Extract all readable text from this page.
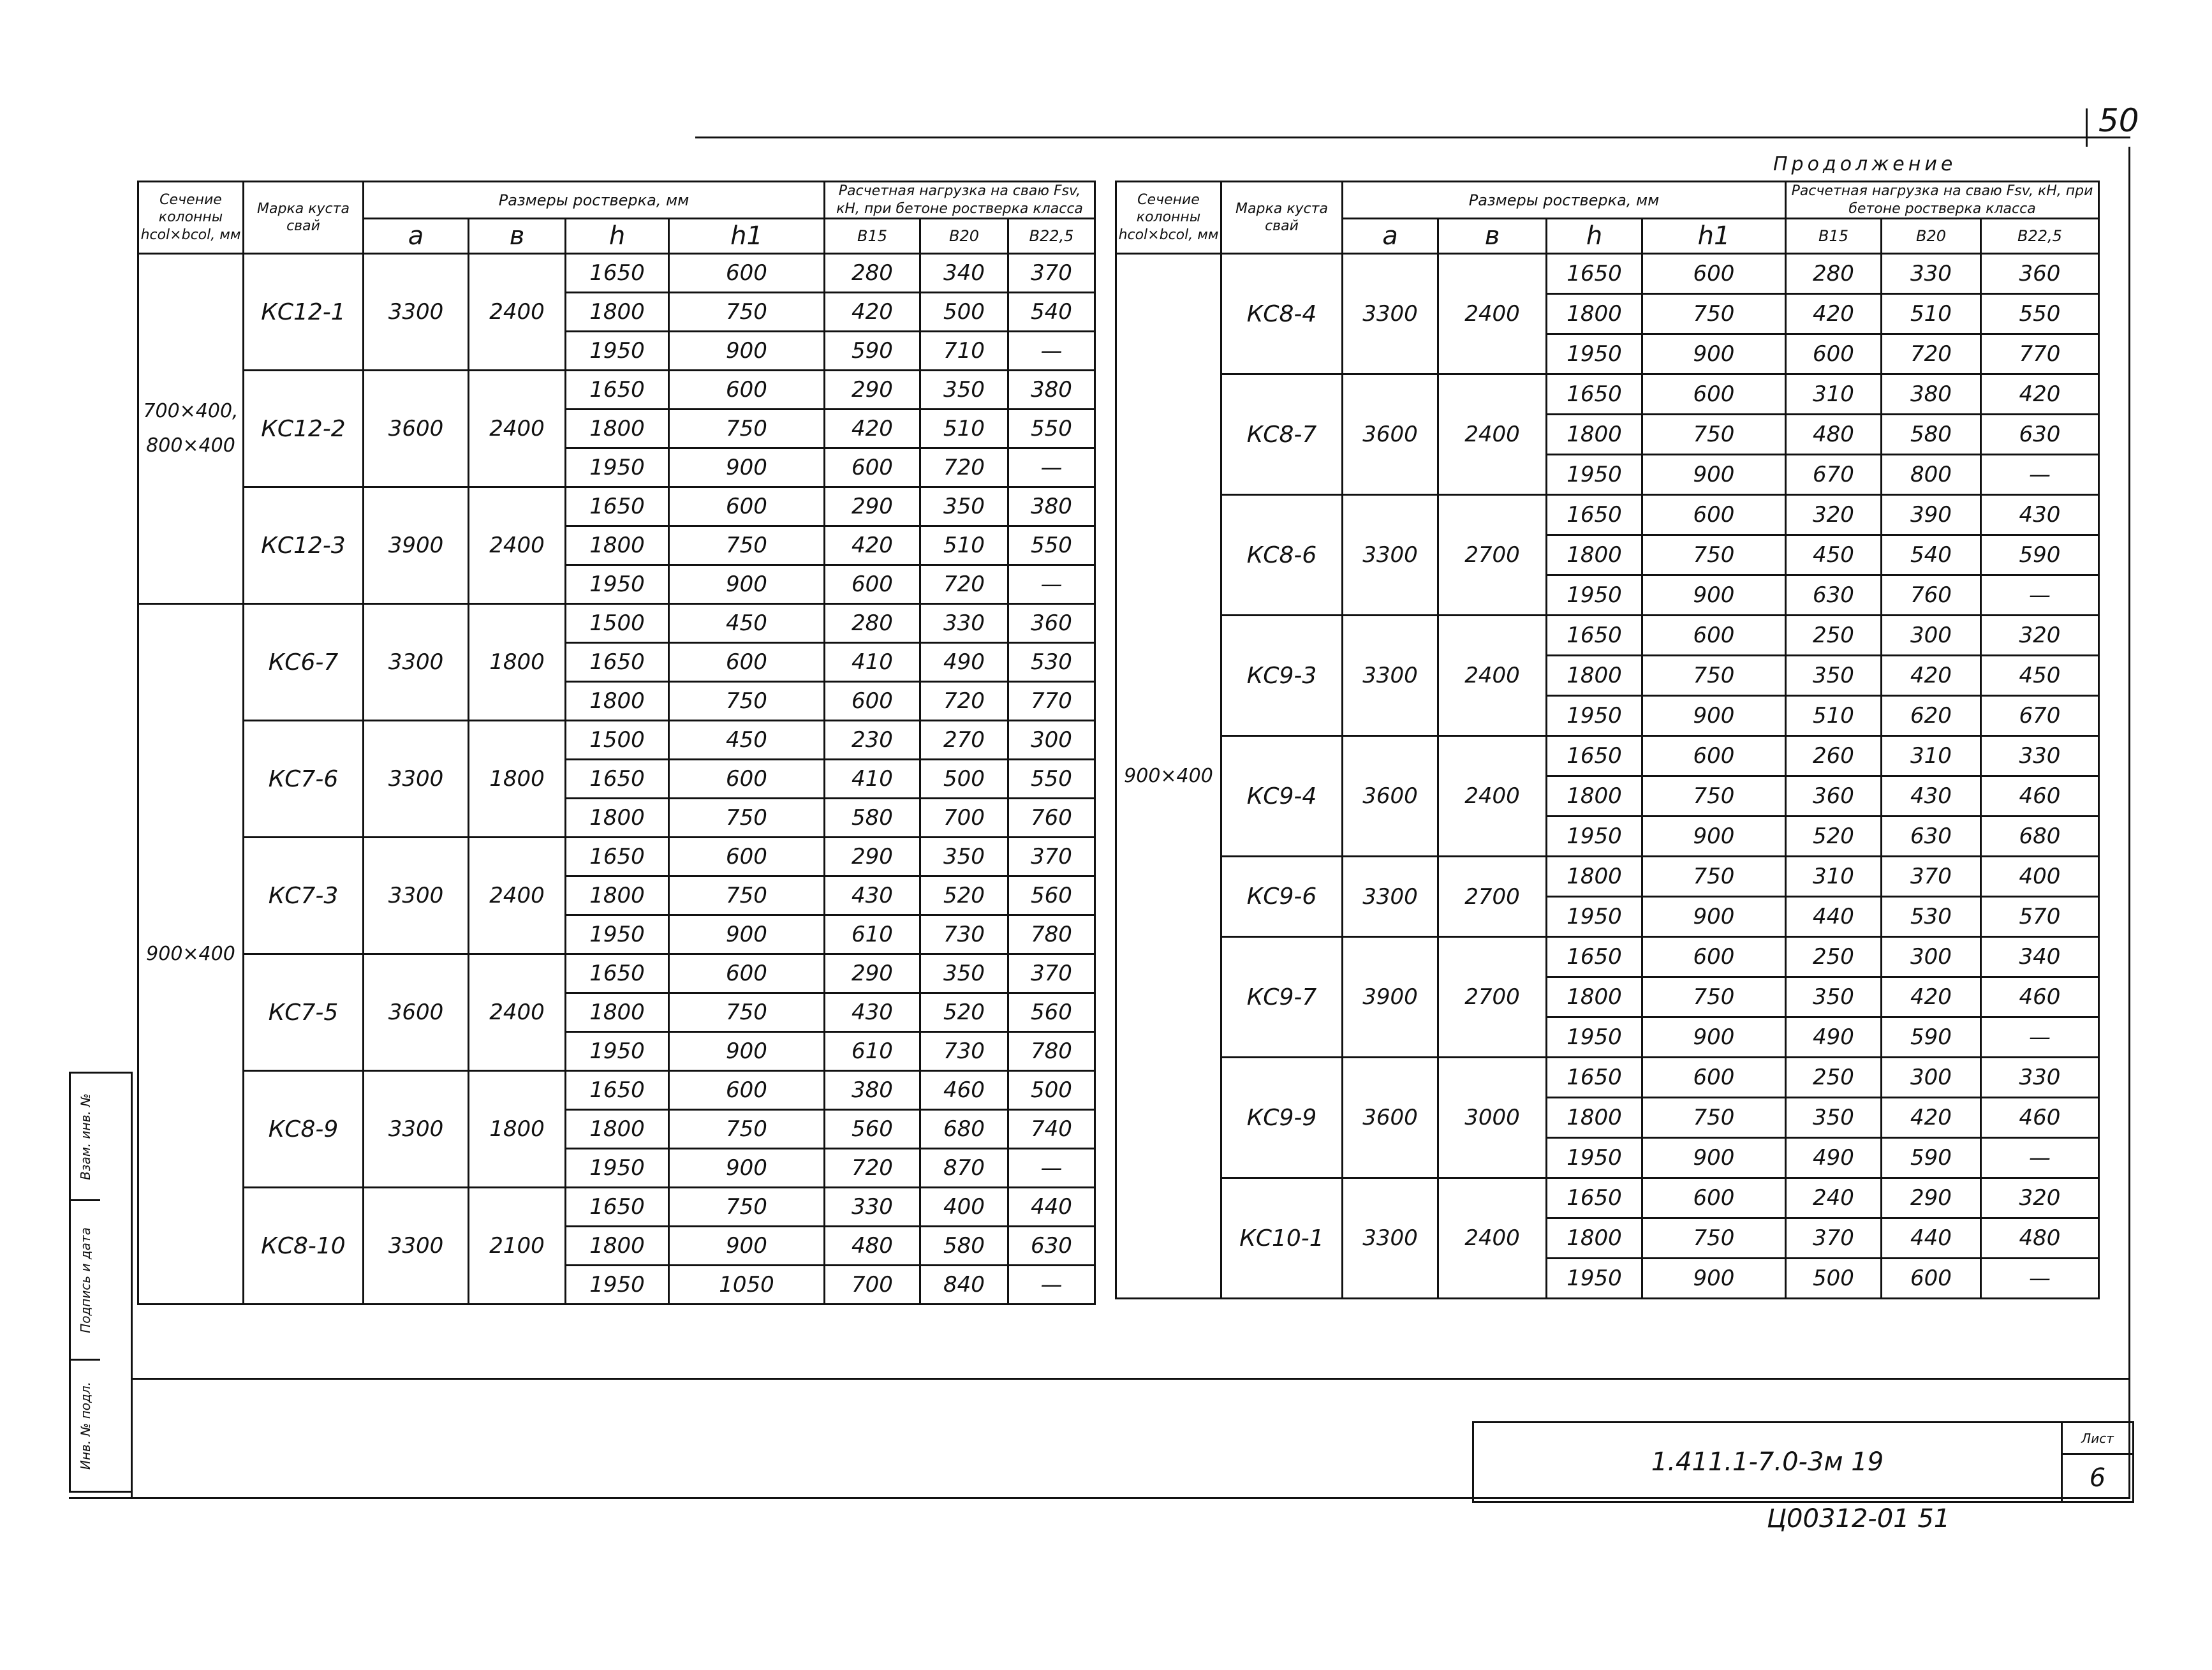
50
Продолжение
Сечение колонны hcol×bcol, мм	Марка куста свай	Размеры ростверка, мм				Расчетная нагрузка на сваю Fsv, кН, при бетоне ростверка класса		
		a	в	h	h1			
						В15	В20	В22,5
700×400, 800×400	КС12-1	3300	2400	1650	600	280	340	370
				1800	750	420	500	540
				1950	900	590	710	—
	КС12-2	3600	2400	1650	600	290	350	380
				1800	750	420	510	550
				1950	900	600	720	—
	КС12-3	3900	2400	1650	600	290	350	380
				1800	750	420	510	550
				1950	900	600	720	—
900×400	КС6-7	3300	1800	1500	450	280	330	360
				1650	600	410	490	530
				1800	750	600	720	770
	КС7-6	3300	1800	1500	450	230	270	300
				1650	600	410	500	550
				1800	750	580	700	760
	КС7-3	3300	2400	1650	600	290	350	370
				1800	750	430	520	560
				1950	900	610	730	780
	КС7-5	3600	2400	1650	600	290	350	370
				1800	750	430	520	560
				1950	900	610	730	780
	КС8-9	3300	1800	1650	600	380	460	500
				1800	750	560	680	740
				1950	900	720	870	—
	КС8-10	3300	2100	1650	750	330	400	440
				1800	900	480	580	630
				1950	1050	700	840	—
Сечение колонны hcol×bcol, мм	Марка куста свай	Размеры ростверка, мм				Расчетная нагрузка на сваю Fsv, кН, при бетоне ростверка класса		
		a	в	h	h1			
						В15	В20	В22,5
900×400	КС8-4	3300	2400	1650	600	280	330	360
				1800	750	420	510	550
				1950	900	600	720	770
	КС8-7	3600	2400	1650	600	310	380	420
				1800	750	480	580	630
				1950	900	670	800	—
	КС8-6	3300	2700	1650	600	320	390	430
				1800	750	450	540	590
				1950	900	630	760	—
	КС9-3	3300	2400	1650	600	250	300	320
				1800	750	350	420	450
				1950	900	510	620	670
	КС9-4	3600	2400	1650	600	260	310	330
				1800	750	360	430	460
				1950	900	520	630	680
	КС9-6	3300	2700	1800	750	310	370	400
				1950	900	440	530	570
	КС9-7	3900	2700	1650	600	250	300	340
				1800	750	350	420	460
				1950	900	490	590	—
	КС9-9	3600	3000	1650	600	250	300	330
				1800	750	350	420	460
				1950	900	490	590	—
	КС10-1	3300	2400	1650	600	240	290	320
				1800	750	370	440	480
				1950	900	500	600	—
Взам. инв. №
Подпись и дата
Инв. № подл.	1.411.1-7.0-3м 19
Лист
6
Ц00312-01 51
